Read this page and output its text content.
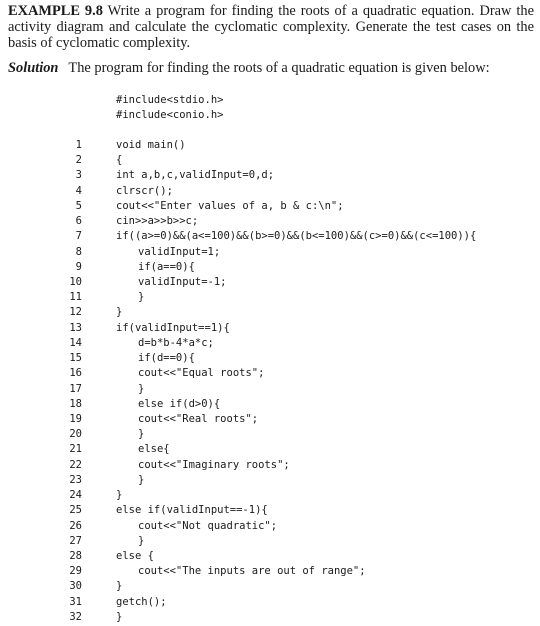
EXAMPLE 9.8 Write a program for finding the roots of a quadratic equation. Draw the activity diagram and calculate the cyclomatic complexity. Generate the test cases on the basis of cyclomatic complexity.

Solution The program for finding the roots of a quadratic equation is given below:

#include<stdio.h>
#include<conio.h>
1	void main()
2	{
3	int a,b,c,validInput=0,d;
4	clrscr();
5	cout<<"Enter values of a, b & c:\n";
6	cin>>a>>b>>c;
7	if((a>=0)&&(a<=100)&&(b>=0)&&(b<=100)&&(c>=0)&&(c<=100)){
8	validInput=1;
9	if(a==0){
10	validInput=-1;
11	}
12	}
13	if(validInput==1){
14	d=b*b-4*a*c;
15	if(d==0){
16	cout<<"Equal roots";
17	}
18	else if(d>0){
19	cout<<"Real roots";
20	}
21	else{
22	cout<<"Imaginary roots";
23	}
24	}
25	else if(validInput==-1){
26	cout<<"Not quadratic";
27	}
28	else {
29	cout<<"The inputs are out of range";
30	}
31	getch();
32	}
